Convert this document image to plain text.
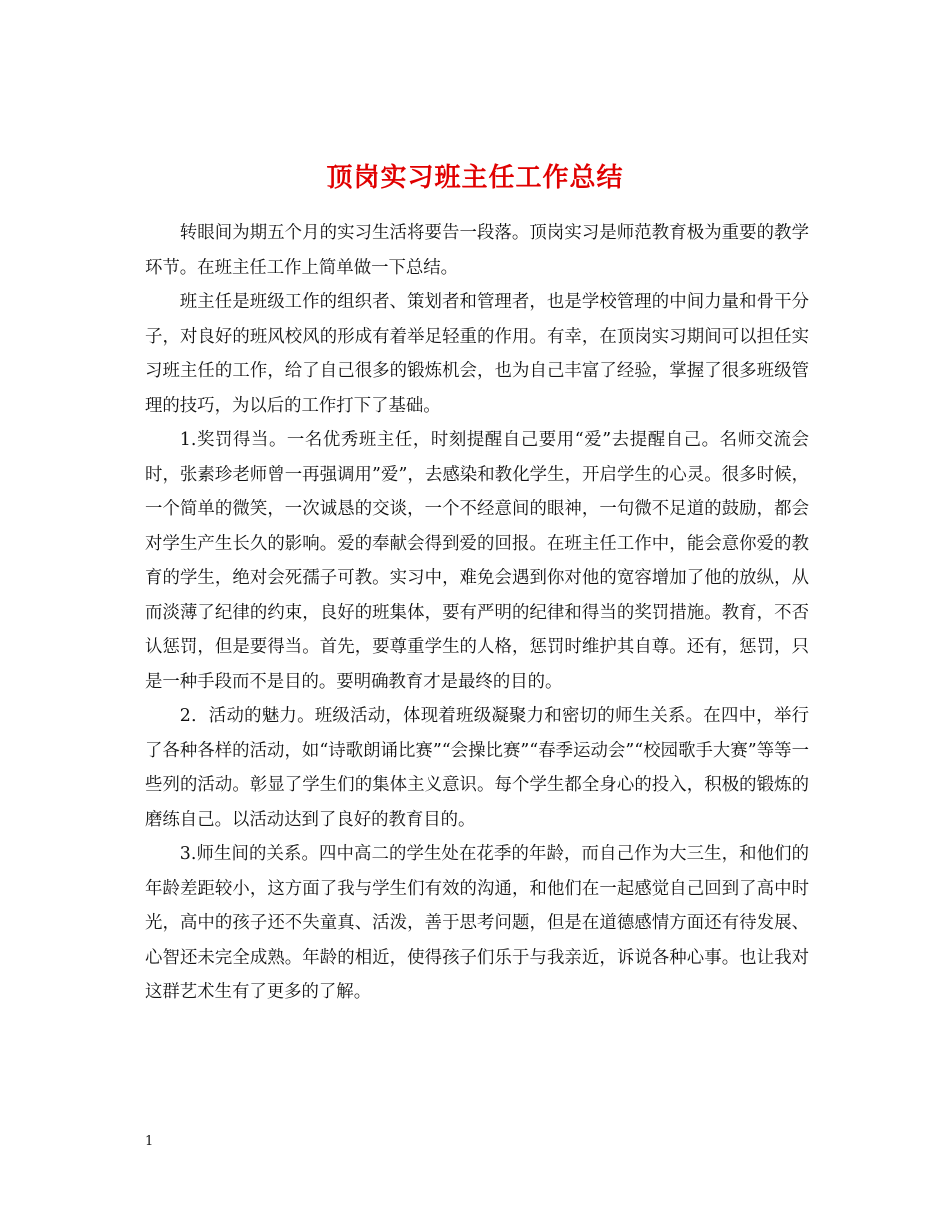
顶岗实习班主任工作总结

转眼间为期五个月的实习生活将要告一段落。顶岗实习是师范教育极为重要的教学环节。在班主任工作上简单做一下总结。

班主任是班级工作的组织者、策划者和管理者，也是学校管理的中间力量和骨干分子，对良好的班风校风的形成有着举足轻重的作用。有幸，在顶岗实习期间可以担任实习班主任的工作，给了自己很多的锻炼机会，也为自己丰富了经验，掌握了很多班级管理的技巧，为以后的工作打下了基础。

1.奖罚得当。一名优秀班主任，时刻提醒自己要用“爱”去提醒自己。名师交流会时，张素珍老师曾一再强调用”爱”，去感染和教化学生，开启学生的心灵。很多时候，一个简单的微笑，一次诚恳的交谈，一个不经意间的眼神，一句微不足道的鼓励，都会对学生产生长久的影响。爱的奉献会得到爱的回报。在班主任工作中，能会意你爱的教育的学生，绝对会死孺子可教。实习中，难免会遇到你对他的宽容增加了他的放纵，从而淡薄了纪律的约束，良好的班集体，要有严明的纪律和得当的奖罚措施。教育，不否认惩罚，但是要得当。首先，要尊重学生的人格，惩罚时维护其自尊。还有，惩罚，只是一种手段而不是目的。要明确教育才是最终的目的。

2．活动的魅力。班级活动，体现着班级凝聚力和密切的师生关系。在四中，举行了各种各样的活动，如“诗歌朗诵比赛”“会操比赛”“春季运动会”“校园歌手大赛”等等一些列的活动。彰显了学生们的集体主义意识。每个学生都全身心的投入，积极的锻炼的磨练自己。以活动达到了良好的教育目的。

3.师生间的关系。四中高二的学生处在花季的年龄，而自己作为大三生，和他们的年龄差距较小，这方面了我与学生们有效的沟通，和他们在一起感觉自己回到了高中时光，高中的孩子还不失童真、活泼，善于思考问题，但是在道德感情方面还有待发展、心智还未完全成熟。年龄的相近，使得孩子们乐于与我亲近，诉说各种心事。也让我对这群艺术生有了更多的了解。

1
